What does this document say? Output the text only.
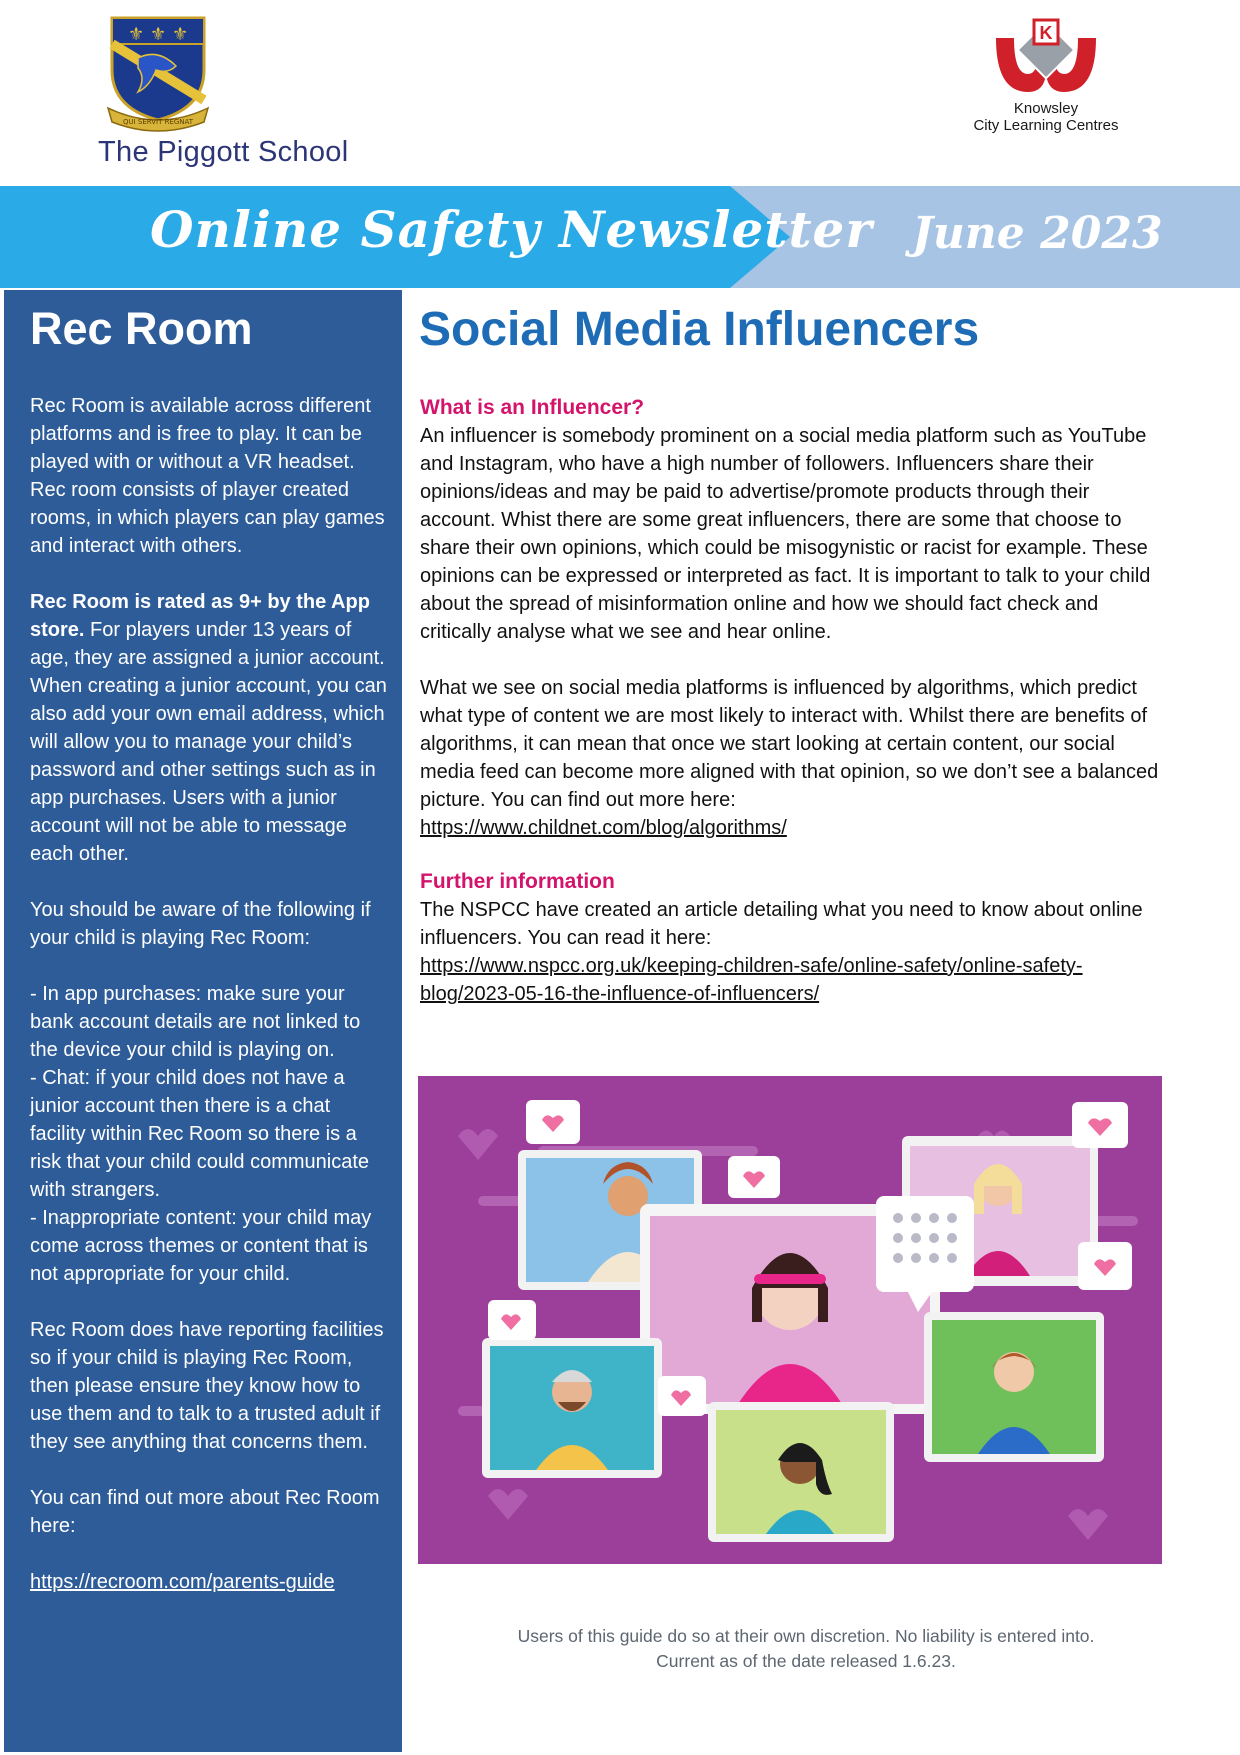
⚜ ⚜ ⚜
QUI SERVIT REGNAT
The Piggott School
K
Knowsley
City Learning Centres
Online Safety Newsletter June 2023
Rec Room

Rec Room is available across different platforms and is free to play. It can be played with or without a VR headset. Rec room consists of player created rooms, in which players can play games and interact with others.

Rec Room is rated as 9+ by the App store. For players under 13 years of age, they are assigned a junior account. When creating a junior account, you can also add your own email address, which will allow you to manage your child’s password and other settings such as in app purchases. Users with a junior account will not be able to message each other.

You should be aware of the following if your child is playing Rec Room:

- In app purchases: make sure your bank account details are not linked to the device your child is playing on.
- Chat: if your child does not have a junior account then there is a chat facility within Rec Room so there is a risk that your child could communicate with strangers.
- Inappropriate content: your child may come across themes or content that is not appropriate for your child.

Rec Room does have reporting facilities so if your child is playing Rec Room, then please ensure they know how to use them and to talk to a trusted adult if they see anything that concerns them.

You can find out more about Rec Room here:

https://recroom.com/parents-guide

Social Media Influencers
What is an Influencer?

An influencer is somebody prominent on a social media platform such as YouTube and Instagram, who have a high number of followers. Influencers share their opinions/ideas and may be paid to advertise/promote products through their account. Whist there are some great influencers, there are some that choose to share their own opinions, which could be misogynistic or racist for example. These opinions can be expressed or interpreted as fact. It is important to talk to your child about the spread of misinformation online and how we should fact check and critically analyse what we see and hear online.

What we see on social media platforms is influenced by algorithms, which predict what type of content we are most likely to interact with. Whilst there are benefits of algorithms, it can mean that once we start looking at certain content, our social media feed can become more aligned with that opinion, so we don’t see a balanced picture. You can find out more here:
https://www.childnet.com/blog/algorithms/

Further information

The NSPCC have created an article detailing what you need to know about online influencers. You can read it here:
https://www.nspcc.org.uk/keeping-children-safe/online-safety/online-safety-blog/2023-05-16-the-influence-of-influencers/

Users of this guide do so at their own discretion. No liability is entered into.
Current as of the date released 1.6.23.
